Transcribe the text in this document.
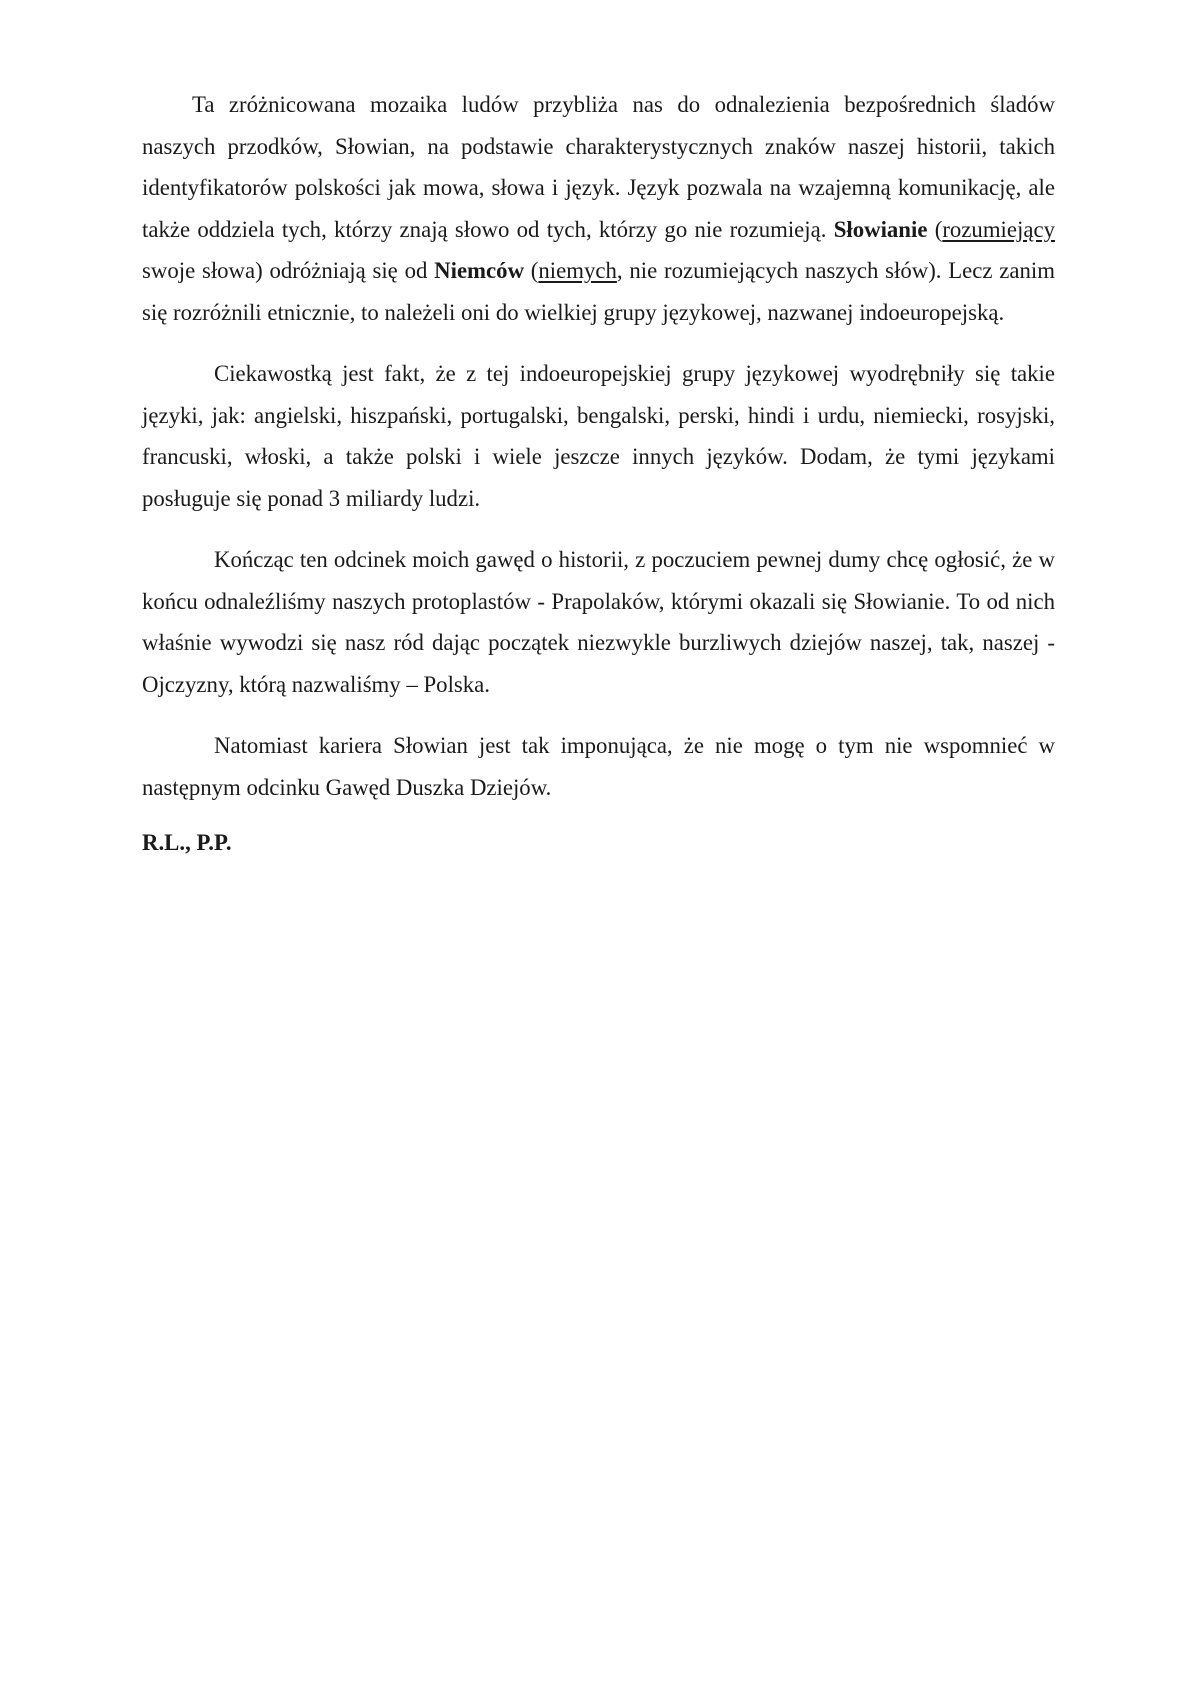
Ta zróżnicowana mozaika ludów przybliża nas do odnalezienia bezpośrednich śladów naszych przodków, Słowian, na podstawie charakterystycznych znaków naszej historii, takich identyfikatorów polskości jak mowa, słowa i język. Język pozwala na wzajemną komunikację, ale także oddziela tych, którzy znają słowo od tych, którzy go nie rozumieją. Słowianie (rozumiejący swoje słowa) odróżniają się od Niemców (niemych, nie rozumiejących naszych słów). Lecz zanim się rozróżnili etnicznie, to należeli oni do wielkiej grupy językowej, nazwanej indoeuropejską.

Ciekawostką jest fakt, że z tej indoeuropejskiej grupy językowej wyodrębniły się takie języki, jak: angielski, hiszpański, portugalski, bengalski, perski, hindi i urdu, niemiecki, rosyjski, francuski, włoski, a także polski i wiele jeszcze innych języków. Dodam, że tymi językami posługuje się ponad 3 miliardy ludzi.

Kończąc ten odcinek moich gawęd o historii, z poczuciem pewnej dumy chcę ogłosić, że w końcu odnaleźliśmy naszych protoplastów - Prapolaków, którymi okazali się Słowianie. To od nich właśnie wywodzi się nasz ród dając początek niezwykle burzliwych dziejów naszej, tak, naszej - Ojczyzny, którą nazwaliśmy – Polska.

Natomiast kariera Słowian jest tak imponująca, że nie mogę o tym nie wspomnieć w następnym odcinku Gawęd Duszka Dziejów.

R.L., P.P.
